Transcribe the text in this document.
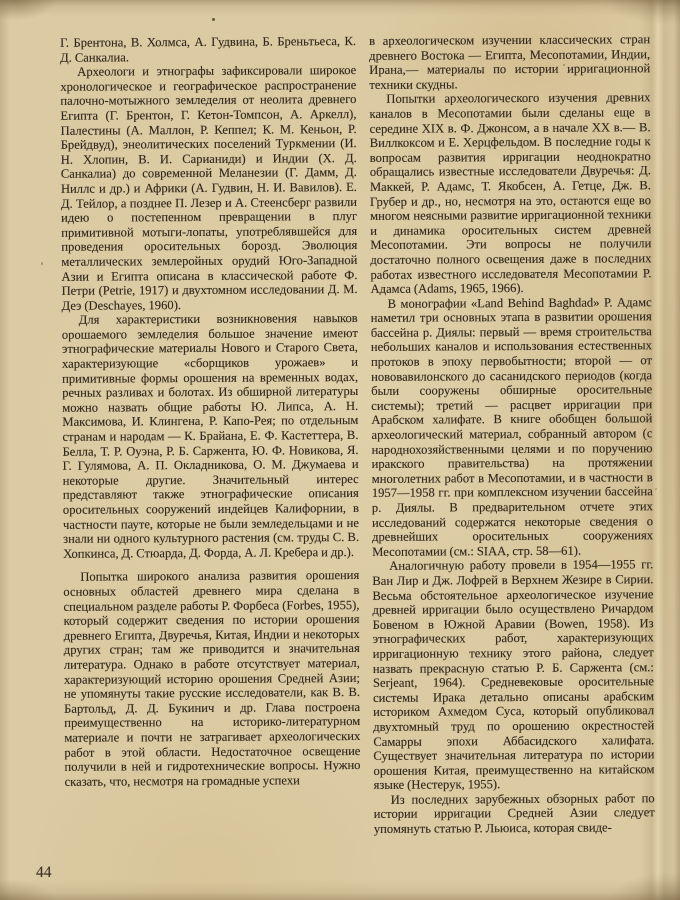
Г. Брентона, В. Холмса, А. Гудвина, Б. Бреньтьеса, К. Д. Санкалиа.

Археологи и этнографы зафиксировали широкое хронологическое и географическое распространение палочно-мотыжного земледелия от неолита древнего Египта (Г. Брентон, Г. Кетон-Томпсон, А. Аркелл), Палестины (А. Маллон, Р. Кеппел; К. М. Кеньон, Р. Брейдвуд), энеолитических поселений Туркмении (И. Н. Хлопин, В. И. Сарианиди) и Индии (Х. Д. Санкалиа) до современной Меланезии (Г. Дамм, Д. Ниллс и др.) и Африки (А. Гудвин, Н. И. Вавилов). Е. Д. Тейлор, а позднее П. Лезер и А. Стеенсберг развили идею о постепенном превращении в плуг примитивной мотыги-лопаты, употреблявшейся для проведения оросительных борозд. Эволюция металлических землеройных орудий Юго-Западной Азии и Египта описана в классической работе Ф. Петри (Petrie, 1917) и двухтомном исследовании Д. М. Деэ (Deschayes, 1960).

Для характеристики возникновения навыков орошаемого земледелия большое значение имеют этнографические материалы Нового и Старого Света, характеризующие «сборщиков урожаев» и примитивные формы орошения на временных водах, речных разливах и болотах. Из обширной литературы можно назвать общие работы Ю. Липса, А. Н. Максимова, И. Клингена, Р. Капо-Рея; по отдельным странам и народам — К. Брайана, Е. Ф. Кастеттера, В. Белла, Т. Р. Оуэна, Р. Б. Саржента, Ю. Ф. Новикова, Я. Г. Гулямова, А. П. Окладникова, О. М. Джумаева и некоторые другие. Значительный интерес представляют также этнографические описания оросительных сооружений индейцев Калифорнии, в частности пауте, которые не были земледельцами и не знали ни одного культурного растения (см. труды С. В. Хопкинса, Д. Стюарда, Д. Форда, А. Л. Кребера и др.).

Попытка широкого анализа развития орошения основных областей древнего мира сделана в специальном разделе работы Р. Форбеса (Forbes, 1955), который содержит сведения по истории орошения древнего Египта, Двуречья, Китая, Индии и некоторых других стран; там же приводится и значительная литература. Однако в работе отсутствует материал, характеризующий историю орошения Средней Азии; не упомянуты такие русские исследователи, как В. В. Бартольд, Д. Д. Букинич и др. Глава построена преимущественно на историко-литературном материале и почти не затрагивает археологических работ в этой области. Недостаточное освещение получили в ней и гидротехнические вопросы. Нужно сказать, что, несмотря на громадные успехи

в археологическом изучении классических стран древнего Востока — Египта, Месопотамии, Индии, Ирана,— материалы по истории ирригационной техники скудны.

Попытки археологического изучения древних каналов в Месопотамии были сделаны еще в середине XIX в. Ф. Джонсом, а в начале XX в.— В. Виллкоксом и Е. Херцфельдом. В последние годы к вопросам развития ирригации неоднократно обращались известные исследователи Двуречья: Д. Маккей, Р. Адамс, Т. Якобсен, А. Гетце, Дж. В. Грубер и др., но, несмотря на это, остаются еще во многом неясными развитие ирригационной техники и динамика оросительных систем древней Месопотамии. Эти вопросы не получили достаточно полного освещения даже в последних работах известного исследователя Месопотамии Р. Адамса (Adams, 1965, 1966).

В монографии «Land Behind Baghdad» Р. Адамс наметил три основных этапа в развитии орошения бассейна р. Диялы: первый — время строительства небольших каналов и использования естественных протоков в эпоху первобытности; второй — от нововавилонского до сасанидского периодов (когда были сооружены обширные оросительные системы); третий — расцвет ирригации при Арабском халифате. В книге обобщен большой археологический материал, собранный автором (с народнохозяйственными целями и по поручению иракского правительства) на протяжении многолетних работ в Месопотамии, и в частности в 1957—1958 гг. при комплексном изучении бассейна р. Диялы. В предварительном отчете этих исследований содержатся некоторые сведения о древнейших оросительных сооружениях Месопотамии (см.: SIAA, стр. 58—61).

Аналогичную работу провели в 1954—1955 гг. Ван Лир и Дж. Лофрей в Верхнем Жезире в Сирии. Весьма обстоятельное археологическое изучение древней ирригации было осуществлено Ричардом Бовеном в Южной Аравии (Bowen, 1958). Из этнографических работ, характеризующих ирригационную технику этого района, следует назвать прекрасную статью Р. Б. Саржента (см.: Serjeant, 1964). Средневековые оросительные системы Ирака детально описаны арабским историком Ахмедом Суса, который опубликовал двухтомный труд по орошению окрестностей Самарры эпохи Аббасидского халифата. Существует значительная литература по истории орошения Китая, преимущественно на китайском языке (Нестерук, 1955).

Из последних зарубежных обзорных работ по истории ирригации Средней Азии следует упомянуть статью Р. Льюиса, которая свиде-

44
